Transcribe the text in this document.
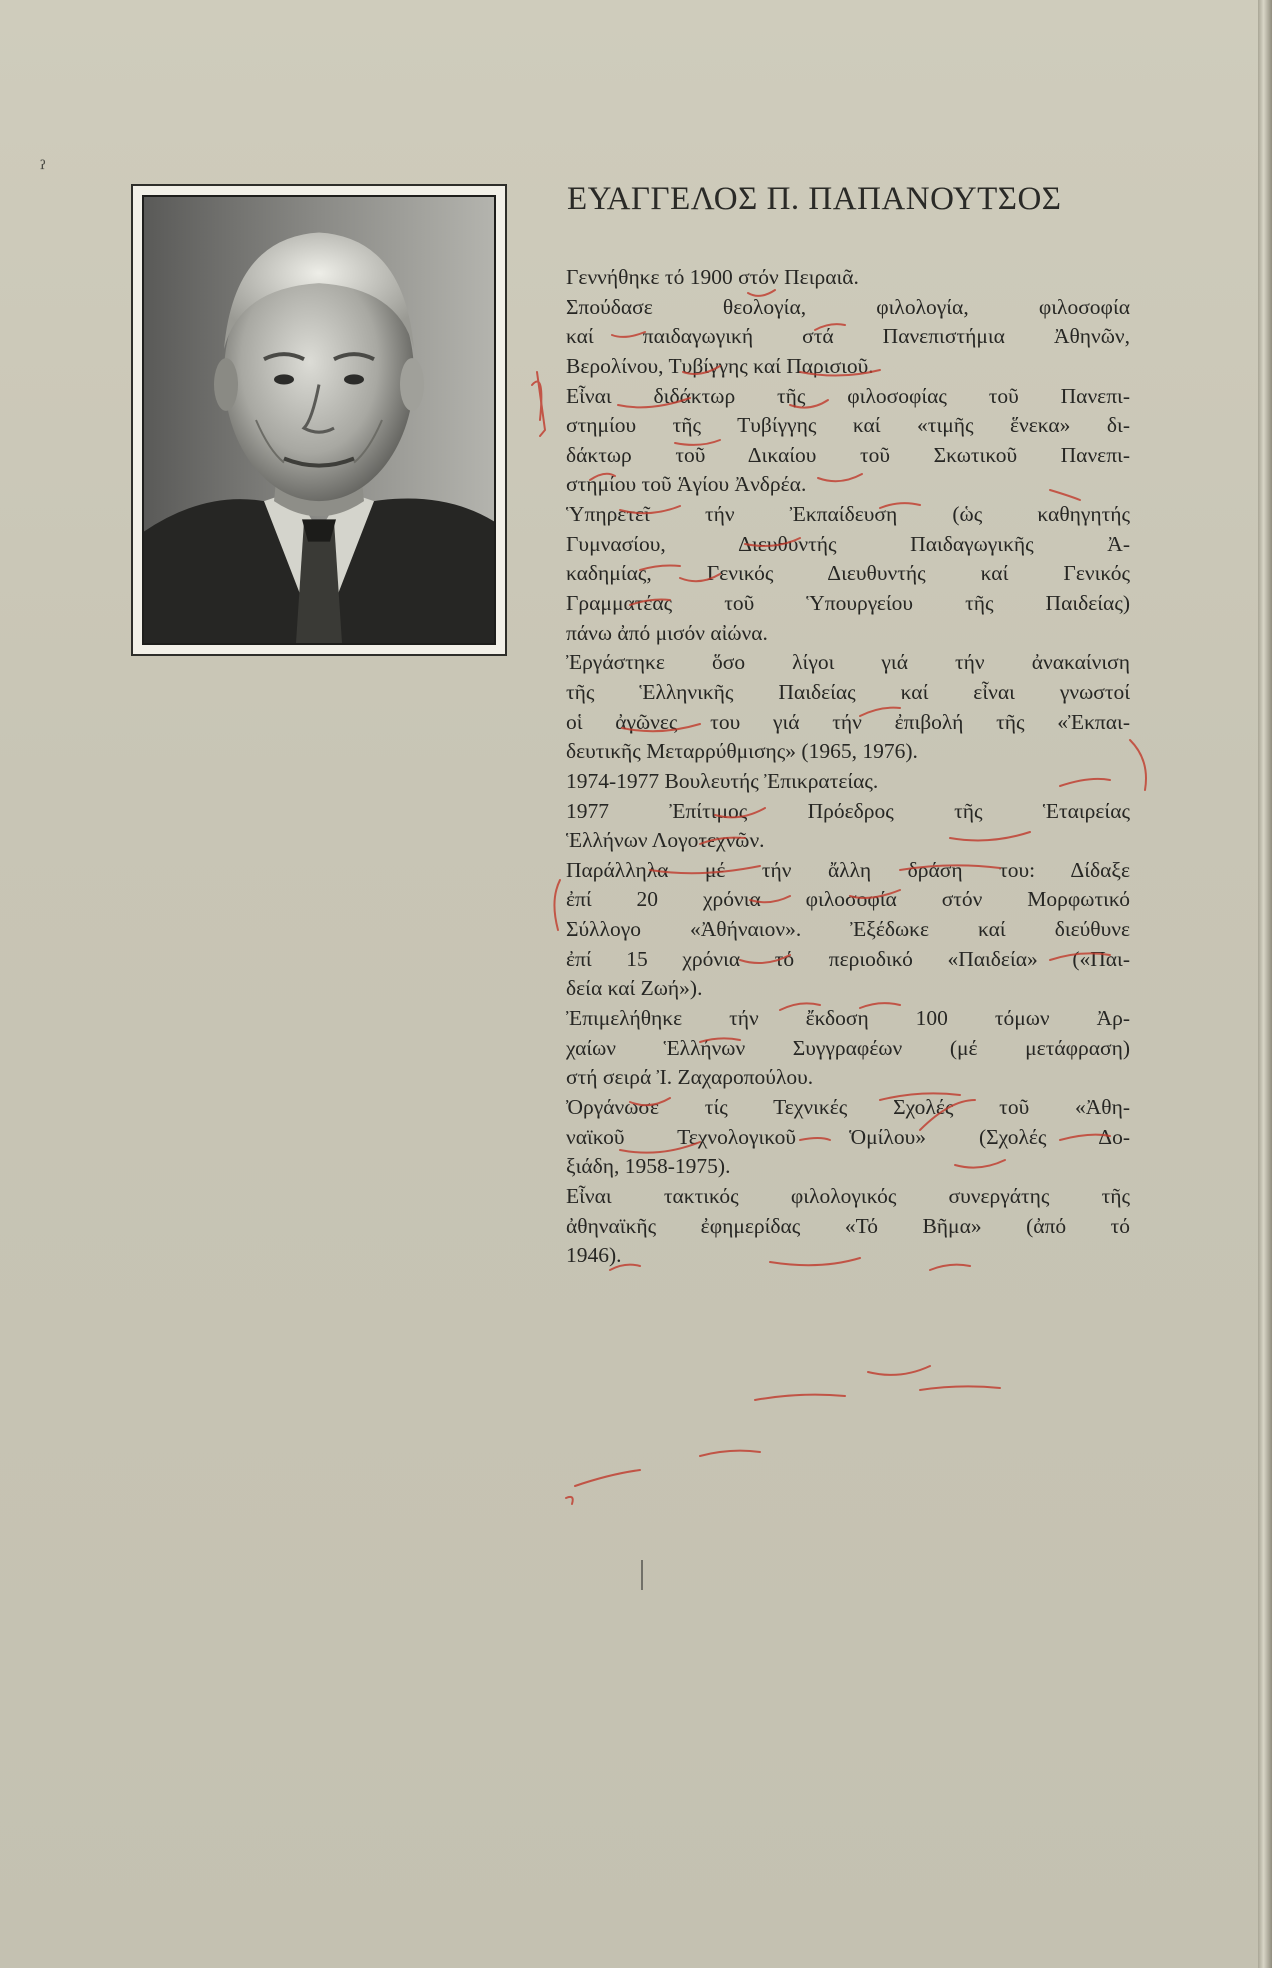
ˀ
ΕΥΑΓΓΕΛΟΣ Π. ΠΑΠΑΝΟΥΤΣΟΣ

Γεννήθηκε τό 1900 στόν Πειραιᾶ.

Σπούδασε θεολογία, φιλολογία, φιλοσοφία

καί παιδαγωγική στά Πανεπιστήμια Ἀθηνῶν,

Βερολίνου, Τυβίγγης καί Παρισιοῦ.

Εἶναι διδάκτωρ τῆς φιλοσοφίας τοῦ Πανεπι-

στημίου τῆς Τυβίγγης καί «τιμῆς ἕνεκα» δι-

δάκτωρ τοῦ Δικαίου τοῦ Σκωτικοῦ Πανεπι-

στημίου τοῦ Ἁγίου Ἀνδρέα.

Ὑπηρετεῖ τήν Ἐκπαίδευση (ὡς καθηγητής

Γυμνασίου, Διευθυντής Παιδαγωγικῆς Ἀ-

καδημίας, Γενικός Διευθυντής καί Γενικός

Γραμματέας τοῦ Ὑπουργείου τῆς Παιδείας)

πάνω ἀπό μισόν αἰώνα.

Ἐργάστηκε ὅσο λίγοι γιά τήν ἀνακαίνιση

τῆς Ἑλληνικῆς Παιδείας καί εἶναι γνωστοί

οἱ ἀγῶνες του γιά τήν ἐπιβολή τῆς «Ἐκπαι-

δευτικῆς Μεταρρύθμισης» (1965, 1976).

1974-1977 Βουλευτής Ἐπικρατείας.

1977 Ἐπίτιμος Πρόεδρος τῆς Ἑταιρείας

Ἑλλήνων Λογοτεχνῶν.

Παράλληλα μέ τήν ἄλλη δράση του: Δίδαξε

ἐπί 20 χρόνια φιλοσοφία στόν Μορφωτικό

Σύλλογο «Ἀθήναιον». Ἐξέδωκε καί διεύθυνε

ἐπί 15 χρόνια τό περιοδικό «Παιδεία» («Παι-

δεία καί Ζωή»).

Ἐπιμελήθηκε τήν ἔκδοση 100 τόμων Ἀρ-

χαίων Ἑλλήνων Συγγραφέων (μέ μετάφραση)

στή σειρά Ἰ. Ζαχαροπούλου.

Ὀργάνωσε τίς Τεχνικές Σχολές τοῦ «Ἀθη-

ναϊκοῦ Τεχνολογικοῦ Ὁμίλου» (Σχολές Δο-

ξιάδη, 1958-1975).

Εἶναι τακτικός φιλολογικός συνεργάτης τῆς

ἀθηναϊκῆς ἐφημερίδας «Τό Βῆμα» (ἀπό τό

1946).
